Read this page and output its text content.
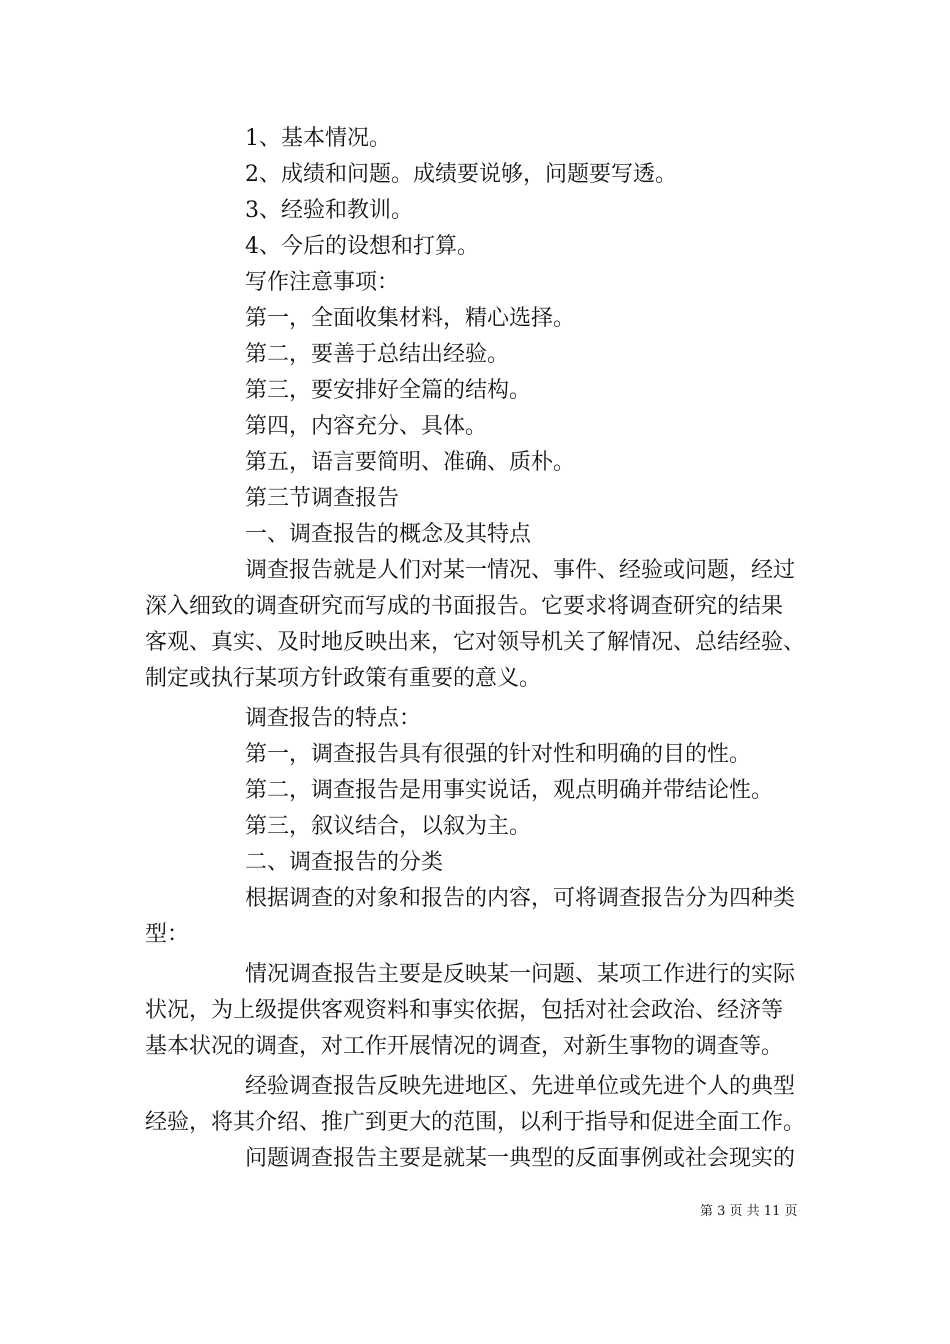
1、基本情况。
2、成绩和问题。成绩要说够，问题要写透。
3、经验和教训。
4、今后的设想和打算。
写作注意事项：
第一，全面收集材料，精心选择。
第二，要善于总结出经验。
第三，要安排好全篇的结构。
第四，内容充分、具体。
第五，语言要简明、准确、质朴。
第三节调查报告
一、调查报告的概念及其特点
调查报告就是人们对某一情况、事件、经验或问题，经过
深入细致的调查研究而写成的书面报告。它要求将调查研究的结果
客观、真实、及时地反映出来，它对领导机关了解情况、总结经验、
制定或执行某项方针政策有重要的意义。
调查报告的特点：
第一，调查报告具有很强的针对性和明确的目的性。
第二，调查报告是用事实说话，观点明确并带结论性。
第三，叙议结合，以叙为主。
二、调查报告的分类
根据调查的对象和报告的内容，可将调查报告分为四种类
型：
情况调查报告主要是反映某一问题、某项工作进行的实际
状况，为上级提供客观资料和事实依据，包括对社会政治、经济等
基本状况的调查，对工作开展情况的调查，对新生事物的调查等。
经验调查报告反映先进地区、先进单位或先进个人的典型
经验，将其介绍、推广到更大的范围，以利于指导和促进全面工作。
问题调查报告主要是就某一典型的反面事例或社会现实的
第 3 页 共 11 页
